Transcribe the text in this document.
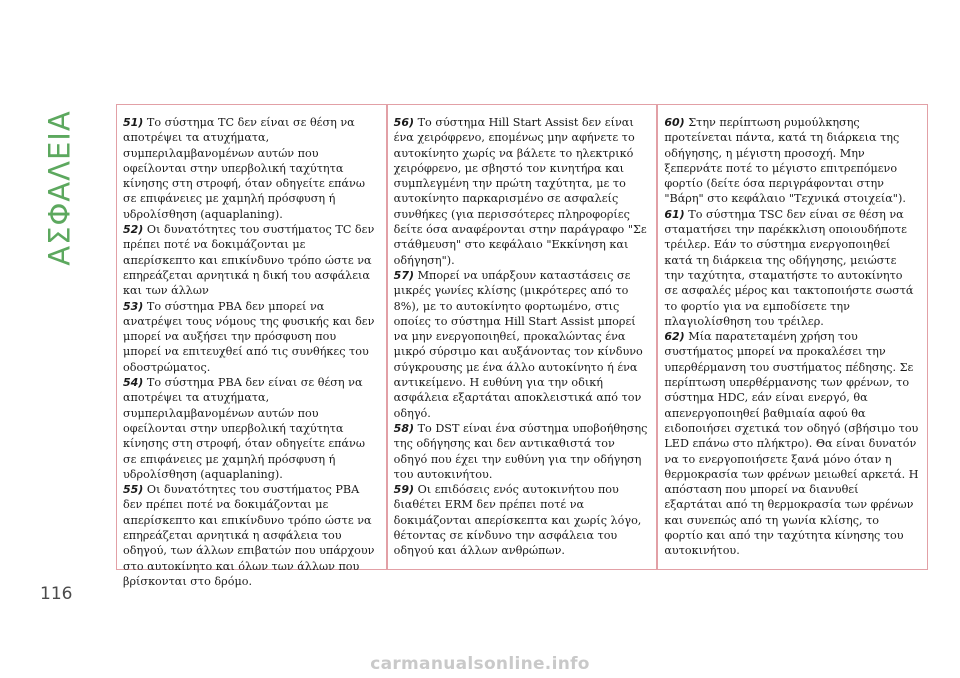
ΑΣΦΑΛΕΙΑ	51) Το σύστημα TC δεν είναι σε θέση να αποτρέψει τα ατυχήματα, συμπεριλαμβανομένων αυτών που οφείλονται στην υπερβολική ταχύτητα κίνησης στη στροφή, όταν οδηγείτε επάνω σε επιφάνειες με χαμηλή πρόσφυση ή υδρολίσθηση (aquaplaning).

52) Οι δυνατότητες του συστήματος TC δεν πρέπει ποτέ να δοκιμάζονται με απερίσκεπτο και επικίνδυνο τρόπο ώστε να επηρεάζεται αρνητικά η δική του ασφάλεια και των άλλων

53) Το σύστημα PBA δεν μπορεί να ανατρέψει τους νόμους της φυσικής και δεν μπορεί να αυξήσει την πρόσφυση που μπορεί να επιτευχθεί από τις συνθήκες του οδοστρώματος.

54) Το σύστημα PBA δεν είναι σε θέση να αποτρέψει τα ατυχήματα, συμπεριλαμβανομένων αυτών που οφείλονται στην υπερβολική ταχύτητα κίνησης στη στροφή, όταν οδηγείτε επάνω σε επιφάνειες με χαμηλή πρόσφυση ή υδρολίσθηση (aquaplaning).

55) Οι δυνατότητες του συστήματος PBA δεν πρέπει ποτέ να δοκιμάζονται με απερίσκεπτο και επικίνδυνο τρόπο ώστε να επηρεάζεται αρνητικά η ασφάλεια του οδηγού, των άλλων επιβατών που υπάρχουν στο αυτοκίνητο και όλων των άλλων που βρίσκονται στο δρόμο.

56) Το σύστημα Hill Start Assist δεν είναι ένα χειρόφρενο, επομένως μην αφήνετε το αυτοκίνητο χωρίς να βάλετε το ηλεκτρικό χειρόφρενο, με σβηστό τον κινητήρα και συμπλεγμένη την πρώτη ταχύτητα, με το αυτοκίνητο παρκαρισμένο σε ασφαλείς συνθήκες (για περισσότερες πληροφορίες δείτε όσα αναφέρονται στην παράγραφο "Σε στάθμευση" στο κεφάλαιο "Εκκίνηση και οδήγηση").

57) Μπορεί να υπάρξουν καταστάσεις σε μικρές γωνίες κλίσης (μικρότερες από το 8%), με το αυτοκίνητο φορτωμένο, στις οποίες το σύστημα Hill Start Assist μπορεί να μην ενεργοποιηθεί, προκαλώντας ένα μικρό σύρσιμο και αυξάνοντας τον κίνδυνο σύγκρουσης με ένα άλλο αυτοκίνητο ή ένα αντικείμενο. Η ευθύνη για την οδική ασφάλεια εξαρτάται αποκλειστικά από τον οδηγό.

58) Το DST είναι ένα σύστημα υποβοήθησης της οδήγησης και δεν αντικαθιστά τον οδηγό που έχει την ευθύνη για την οδήγηση του αυτοκινήτου.

59) Οι επιδόσεις ενός αυτοκινήτου που διαθέτει ERM δεν πρέπει ποτέ να δοκιμάζονται απερίσκεπτα και χωρίς λόγο, θέτοντας σε κίνδυνο την ασφάλεια του οδηγού και άλλων ανθρώπων.

60) Στην περίπτωση ρυμούλκησης προτείνεται πάντα, κατά τη διάρκεια της οδήγησης, η μέγιστη προσοχή. Μην ξεπερνάτε ποτέ το μέγιστο επιτρεπόμενο φορτίο (δείτε όσα περιγράφονται στην "Βάρη" στο κεφάλαιο "Τεχνικά στοιχεία").

61) Το σύστημα TSC δεν είναι σε θέση να σταματήσει την παρέκκλιση οποιουδήποτε τρέιλερ. Εάν το σύστημα ενεργοποιηθεί κατά τη διάρκεια της οδήγησης, μειώστε την ταχύτητα, σταματήστε το αυτοκίνητο σε ασφαλές μέρος και τακτοποιήστε σωστά το φορτίο για να εμποδίσετε την πλαγιολίσθηση του τρέιλερ.

62) Μία παρατεταμένη χρήση του συστήματος μπορεί να προκαλέσει την υπερθέρμανση του συστήματος πέδησης. Σε περίπτωση υπερθέρμανσης των φρένων, το σύστημα HDC, εάν είναι ενεργό, θα απενεργοποιηθεί βαθμιαία αφού θα ειδοποιήσει σχετικά τον οδηγό (σβήσιμο του LED επάνω στο πλήκτρο). Θα είναι δυνατόν να το ενεργοποιήσετε ξανά μόνο όταν η θερμοκρασία των φρένων μειωθεί αρκετά. Η απόσταση που μπορεί να διανυθεί εξαρτάται από τη θερμοκρασία των φρένων και συνεπώς από τη γωνία κλίσης, το φορτίο και από την ταχύτητα κίνησης του αυτοκινήτου.

116
carmanualsonline.info
